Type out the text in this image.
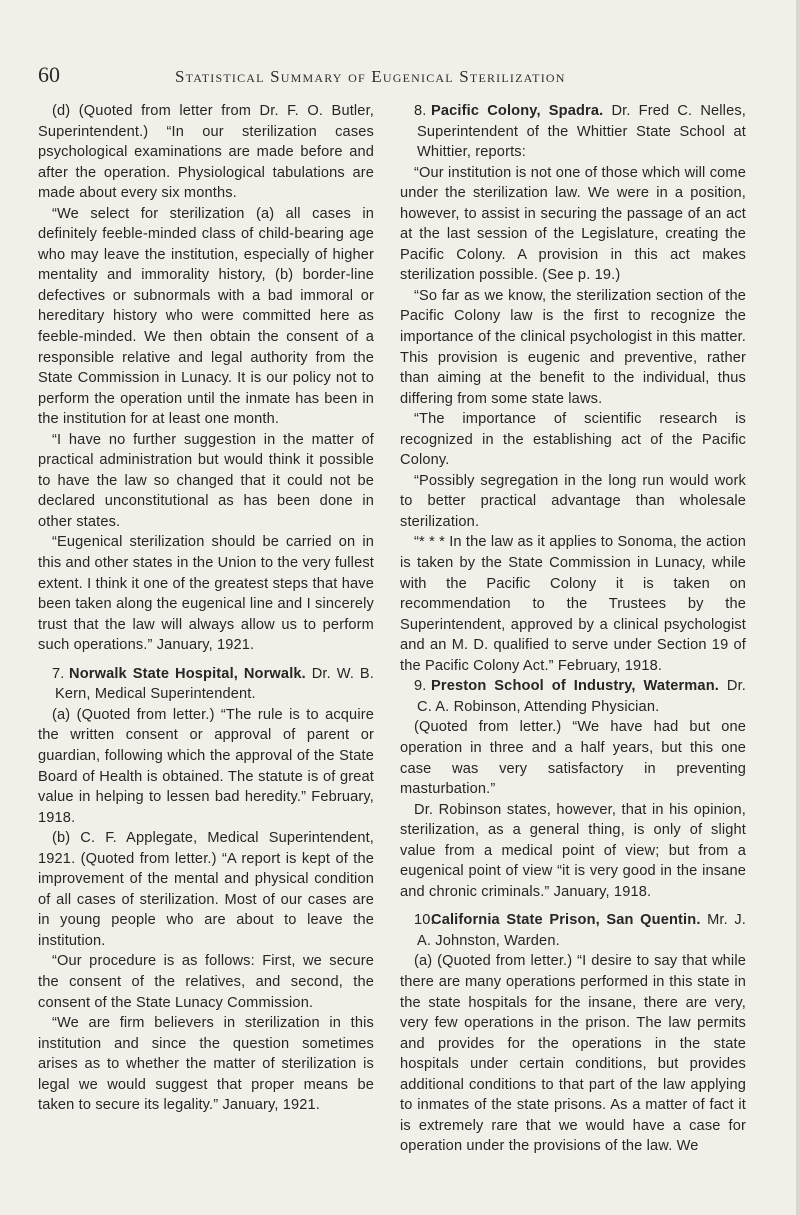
60	Statistical Summary of Eugenical Sterilization

(d) (Quoted from letter from Dr. F. O. Butler, Superintendent.) “In our sterilization cases psychological examinations are made before and after the operation. Physiological tabulations are made about every six months.

“We select for sterilization (a) all cases in definitely feeble-minded class of child-bearing age who may leave the institution, especially of higher mentality and immorality history, (b) border-line defectives or subnormals with a bad immoral or hereditary history who were committed here as feeble-minded. We then obtain the consent of a responsible relative and legal authority from the State Commission in Lunacy. It is our policy not to perform the operation until the inmate has been in the institution for at least one month.

“I have no further suggestion in the matter of practical administration but would think it possible to have the law so changed that it could not be declared unconstitutional as has been done in other states.

“Eugenical sterilization should be carried on in this and other states in the Union to the very fullest extent. I think it one of the greatest steps that have been taken along the eugenical line and I sincerely trust that the law will always allow us to perform such operations.” January, 1921.

7. Norwalk State Hospital, Norwalk. Dr. W. B. Kern, Medical Superintendent.

(a) (Quoted from letter.) “The rule is to acquire the written consent or approval of parent or guardian, following which the approval of the State Board of Health is obtained. The statute is of great value in helping to lessen bad heredity.” February, 1918.

(b) C. F. Applegate, Medical Superintendent, 1921. (Quoted from letter.) “A report is kept of the improvement of the mental and physical condition of all cases of sterilization. Most of our cases are in young people who are about to leave the institution.

“Our procedure is as follows: First, we secure the consent of the relatives, and second, the consent of the State Lunacy Commission.

“We are firm believers in sterilization in this institution and since the question sometimes arises as to whether the matter of sterilization is legal we would suggest that proper means be taken to secure its legality.” January, 1921.

8. Pacific Colony, Spadra. Dr. Fred C. Nelles, Superintendent of the Whittier State School at Whittier, reports:

“Our institution is not one of those which will come under the sterilization law. We were in a position, however, to assist in securing the passage of an act at the last session of the Legislature, creating the Pacific Colony. A provision in this act makes sterilization possible. (See p. 19.)

“So far as we know, the sterilization section of the Pacific Colony law is the first to recognize the importance of the clinical psychologist in this matter. This provision is eugenic and preventive, rather than aiming at the benefit to the individual, thus differing from some state laws.

“The importance of scientific research is recognized in the establishing act of the Pacific Colony.

“Possibly segregation in the long run would work to better practical advantage than wholesale sterilization.

“* * * In the law as it applies to Sonoma, the action is taken by the State Commission in Lunacy, while with the Pacific Colony it is taken on recommendation to the Trustees by the Superintendent, approved by a clinical psychologist and an M. D. qualified to serve under Section 19 of the Pacific Colony Act.” February, 1918.

9. Preston School of Industry, Waterman. Dr. C. A. Robinson, Attending Physician.

(Quoted from letter.) “We have had but one operation in three and a half years, but this one case was very satisfactory in preventing masturbation.”

Dr. Robinson states, however, that in his opinion, sterilization, as a general thing, is only of slight value from a medical point of view; but from a eugenical point of view “it is very good in the insane and chronic criminals.” January, 1918.

10.
California State Prison, San Quentin. Mr. J. A. Johnston, Warden.

(a) (Quoted from letter.) “I desire to say that while there are many operations performed in this state in the state hospitals for the insane, there are very, very few operations in the prison. The law permits and provides for the operations in the state hospitals under certain conditions, but provides additional conditions to that part of the law applying to inmates of the state prisons. As a matter of fact it is extremely rare that we would have a case for operation under the provisions of the law. We
